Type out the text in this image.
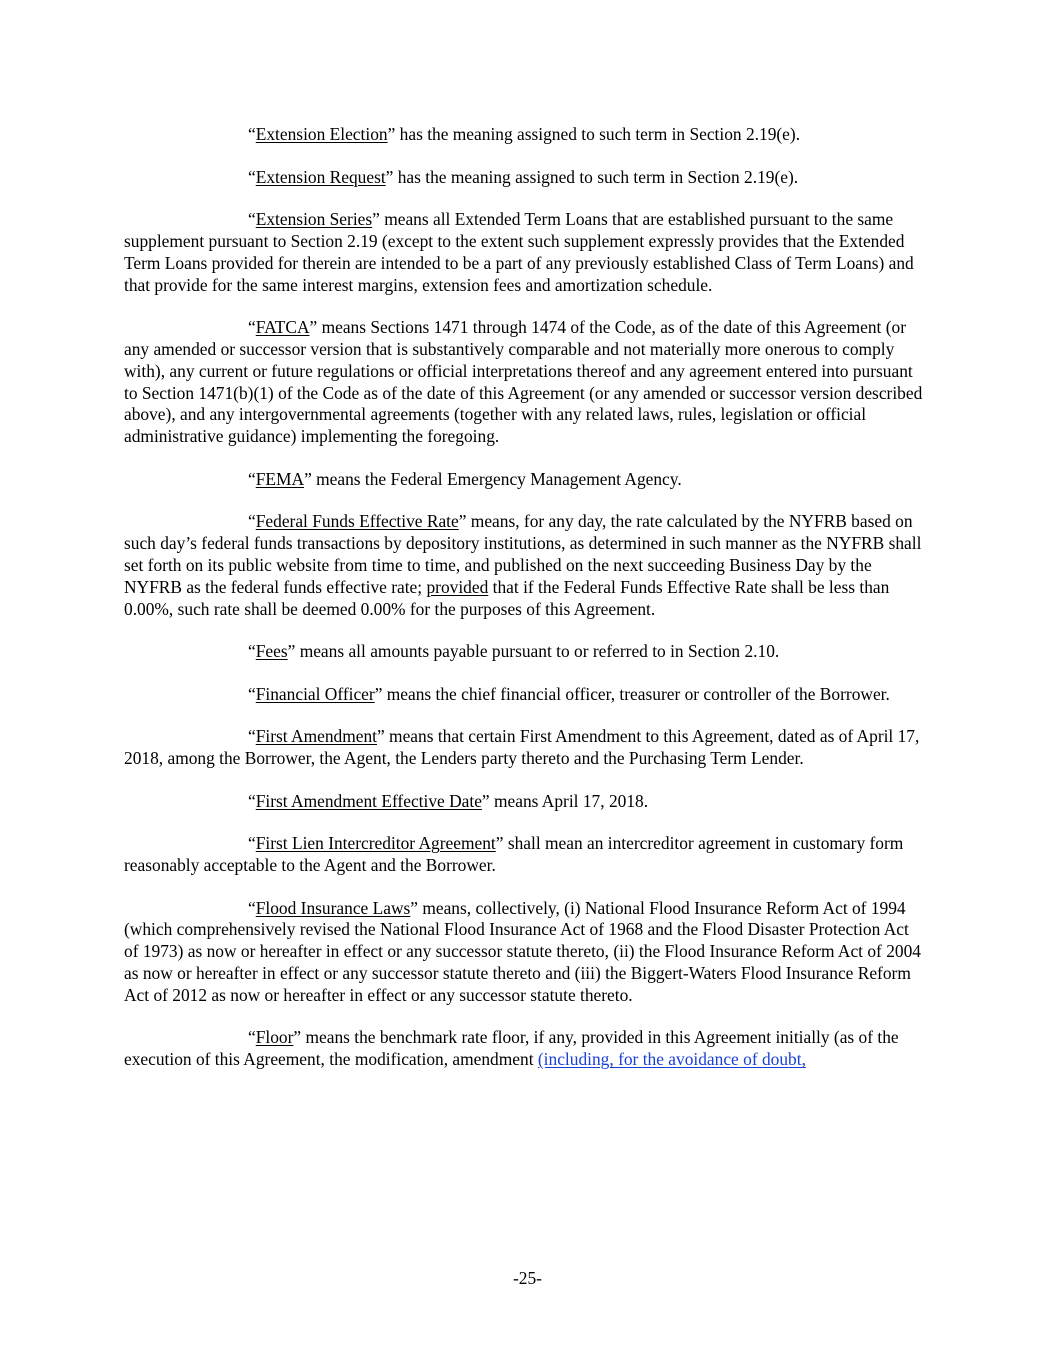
“Extension Election” has the meaning assigned to such term in Section 2.19(e).

“Extension Request” has the meaning assigned to such term in Section 2.19(e).

“Extension Series” means all Extended Term Loans that are established pursuant to the same supplement pursuant to Section 2.19 (except to the extent such supplement expressly provides that the Extended Term Loans provided for therein are intended to be a part of any previously established Class of Term Loans) and that provide for the same interest margins, extension fees and amortization schedule.

“FATCA” means Sections 1471 through 1474 of the Code, as of the date of this Agreement (or any amended or successor version that is substantively comparable and not materially more onerous to comply with), any current or future regulations or official interpretations thereof and any agreement entered into pursuant to Section 1471(b)(1) of the Code as of the date of this Agreement (or any amended or successor version described above), and any intergovernmental agreements (together with any related laws, rules, legislation or official administrative guidance) implementing the foregoing.

“FEMA” means the Federal Emergency Management Agency.

“Federal Funds Effective Rate” means, for any day, the rate calculated by the NYFRB based on such day’s federal funds transactions by depository institutions, as determined in such manner as the NYFRB shall set forth on its public website from time to time, and published on the next succeeding Business Day by the NYFRB as the federal funds effective rate; provided that if the Federal Funds Effective Rate shall be less than 0.00%, such rate shall be deemed 0.00% for the purposes of this Agreement.

“Fees” means all amounts payable pursuant to or referred to in Section 2.10.

“Financial Officer” means the chief financial officer, treasurer or controller of the Borrower.

“First Amendment” means that certain First Amendment to this Agreement, dated as of April 17, 2018, among the Borrower, the Agent, the Lenders party thereto and the Purchasing Term Lender.

“First Amendment Effective Date” means April 17, 2018.

“First Lien Intercreditor Agreement” shall mean an intercreditor agreement in customary form reasonably acceptable to the Agent and the Borrower.

“Flood Insurance Laws” means, collectively, (i) National Flood Insurance Reform Act of 1994 (which comprehensively revised the National Flood Insurance Act of 1968 and the Flood Disaster Protection Act of 1973) as now or hereafter in effect or any successor statute thereto, (ii) the Flood Insurance Reform Act of 2004 as now or hereafter in effect or any successor statute thereto and (iii) the Biggert-Waters Flood Insurance Reform Act of 2012 as now or hereafter in effect or any successor statute thereto.

“Floor” means the benchmark rate floor, if any, provided in this Agreement initially (as of the execution of this Agreement, the modification, amendment (including, for the avoidance of doubt,

-25-
